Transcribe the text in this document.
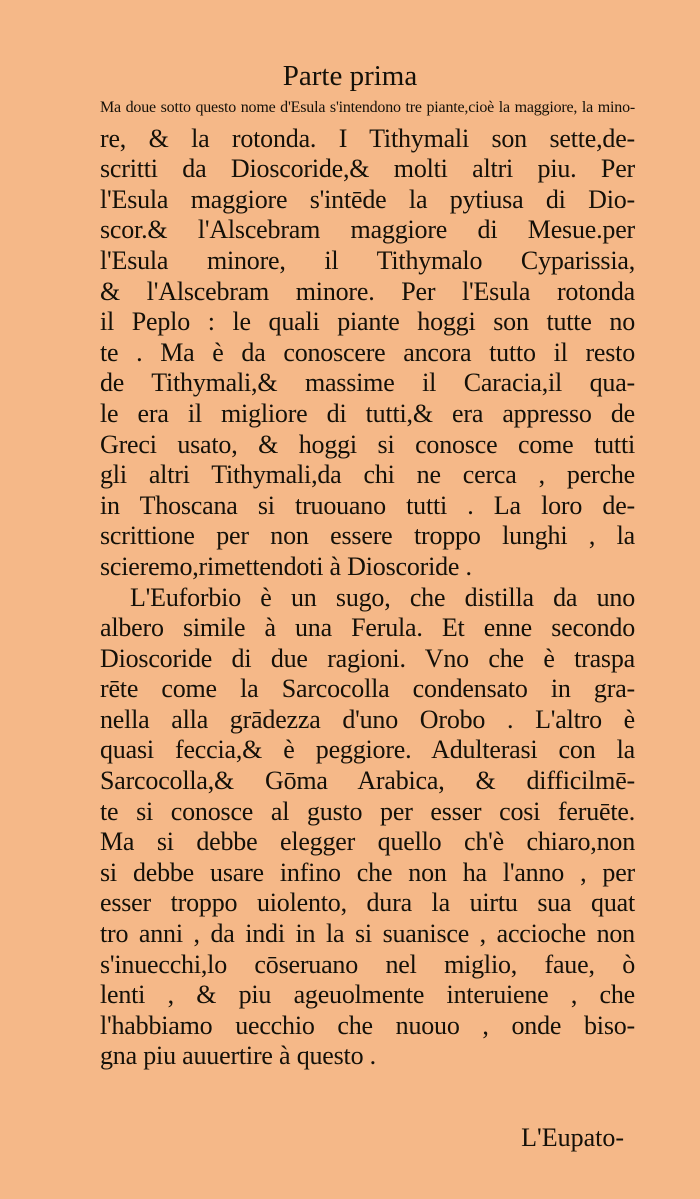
Parte prima
Ma doue sotto questo nome d'Esula s'intendono tre piante,cioè la maggiore, la mino-
re, & la rotonda. I Tithymali son sette,de-
scritti da Dioscoride,& molti altri piu. Per
l'Esula maggiore s'intēde la pytiusa di Dio-
scor.& l'Alscebram maggiore di Mesue.per
l'Esula minore, il Tithymalo Cyparissia,
& l'Alscebram minore. Per l'Esula rotonda
il Peplo : le quali piante hoggi son tutte no
te . Ma è da conoscere ancora tutto il resto
de Tithymali,& massime il Caracia,il qua-
le era il migliore di tutti,& era appresso de
Greci usato, & hoggi si conosce come tutti
gli altri Tithymali,da chi ne cerca , perche
in Thoscana si truouano tutti . La loro de-
scrittione per non essere troppo lunghi , la
scieremo,rimettendoti à Dioscoride .
L'Euforbio è un sugo, che distilla da uno
albero simile à una Ferula. Et enne secondo
Dioscoride di due ragioni. Vno che è traspa
rēte come la Sarcocolla condensato in gra-
nella alla grādezza d'uno Orobo . L'altro è
quasi feccia,& è peggiore. Adulterasi con la
Sarcocolla,& Gōma Arabica, & difficilmē-
te si conosce al gusto per esser cosi feruēte.
Ma si debbe elegger quello ch'è chiaro,non
si debbe usare infino che non ha l'anno , per
esser troppo uiolento, dura la uirtu sua quat
tro anni , da indi in la si suanisce , accioche non
s'inuecchi,lo cōseruano nel miglio, faue, ò
lenti , & piu ageuolmente interuiene , che
l'habbiamo uecchio che nuouo , onde biso-
gna piu auuertire à questo .
L'Eupato-
